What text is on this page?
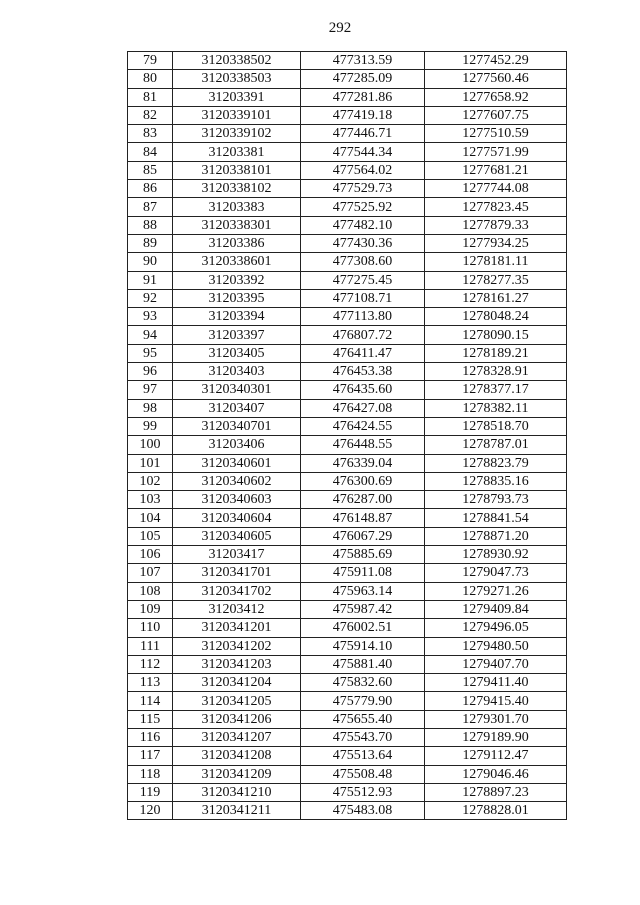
292
79	3120338502	477313.59	1277452.29
80	3120338503	477285.09	1277560.46
81	31203391	477281.86	1277658.92
82	3120339101	477419.18	1277607.75
83	3120339102	477446.71	1277510.59
84	31203381	477544.34	1277571.99
85	3120338101	477564.02	1277681.21
86	3120338102	477529.73	1277744.08
87	31203383	477525.92	1277823.45
88	3120338301	477482.10	1277879.33
89	31203386	477430.36	1277934.25
90	3120338601	477308.60	1278181.11
91	31203392	477275.45	1278277.35
92	31203395	477108.71	1278161.27
93	31203394	477113.80	1278048.24
94	31203397	476807.72	1278090.15
95	31203405	476411.47	1278189.21
96	31203403	476453.38	1278328.91
97	3120340301	476435.60	1278377.17
98	31203407	476427.08	1278382.11
99	3120340701	476424.55	1278518.70
100	31203406	476448.55	1278787.01
101	3120340601	476339.04	1278823.79
102	3120340602	476300.69	1278835.16
103	3120340603	476287.00	1278793.73
104	3120340604	476148.87	1278841.54
105	3120340605	476067.29	1278871.20
106	31203417	475885.69	1278930.92
107	3120341701	475911.08	1279047.73
108	3120341702	475963.14	1279271.26
109	31203412	475987.42	1279409.84
110	3120341201	476002.51	1279496.05
111	3120341202	475914.10	1279480.50
112	3120341203	475881.40	1279407.70
113	3120341204	475832.60	1279411.40
114	3120341205	475779.90	1279415.40
115	3120341206	475655.40	1279301.70
116	3120341207	475543.70	1279189.90
117	3120341208	475513.64	1279112.47
118	3120341209	475508.48	1279046.46
119	3120341210	475512.93	1278897.23
120	3120341211	475483.08	1278828.01
